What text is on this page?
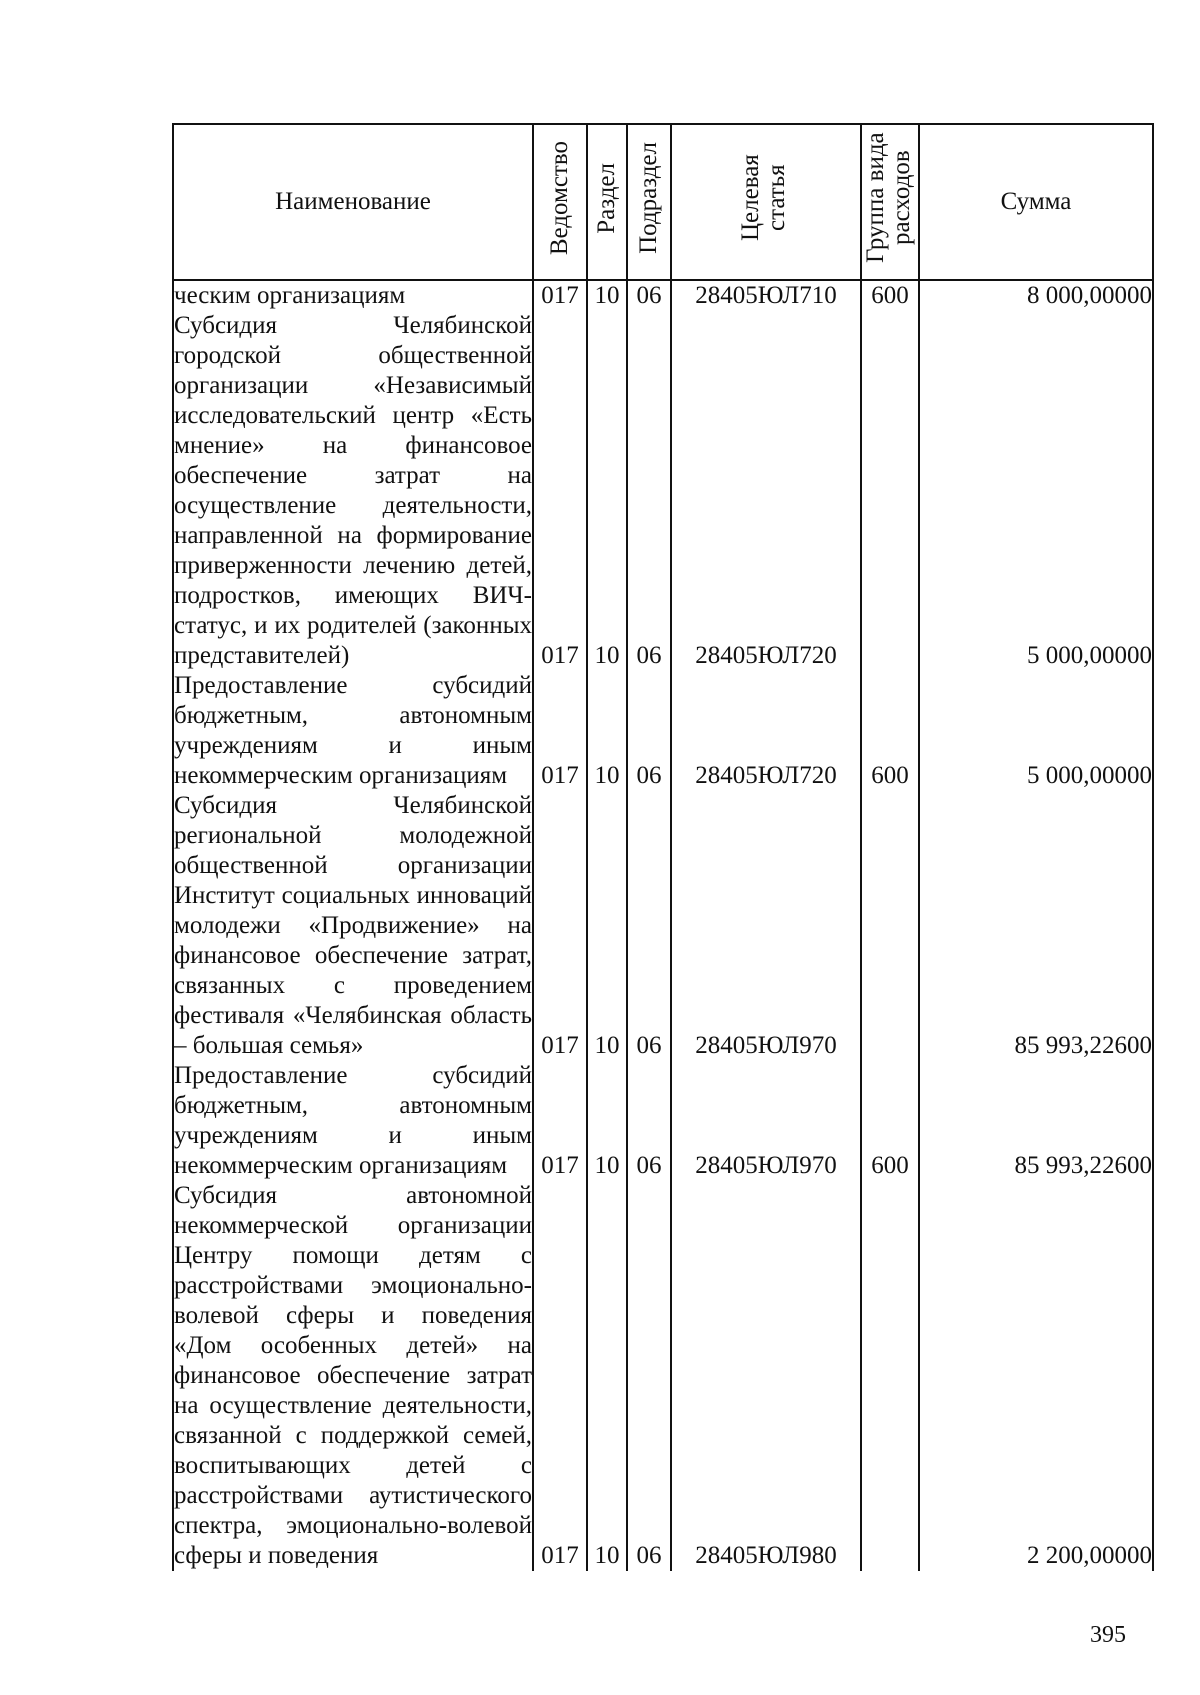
Наименование	Ведомство	Раздел	Подраздел	Целевая статья	Группа вида расходов	Сумма

ческим организациям	017	10	06	28405ЮЛ710	600	8 000,00000

Субсидия Челябинской городской общественной организации «Независимый исследовательский центр «Есть мнение» на финансовое обеспечение затрат на осуществление деятельности, направленной на формирование приверженности лечению детей, подростков, имеющих ВИЧ-статус, и их родителей (законных представителей)	017	10	06	28405ЮЛ720		5 000,00000

Предоставление субсидий бюджетным, автономным учреждениям и иным некоммерческим организациям	017	10	06	28405ЮЛ720	600	5 000,00000

Субсидия Челябинской региональной молодежной общественной организации Институт социальных инноваций молодежи «Продвижение» на финансовое обеспечение затрат, связанных с проведением фестиваля «Челябинская область – большая семья»	017	10	06	28405ЮЛ970		85 993,22600

Предоставление субсидий бюджетным, автономным учреждениям и иным некоммерческим организациям	017	10	06	28405ЮЛ970	600	85 993,22600

Субсидия автономной некоммерческой организации Центру помощи детям с расстройствами эмоционально-волевой сферы и поведения «Дом особенных детей» на финансовое обеспечение затрат на осуществление деятельности, связанной с поддержкой семей, воспитывающих детей с расстройствами аутистического спектра, эмоционально-волевой сферы и поведения	017	10	06	28405ЮЛ980		2 200,00000
395
